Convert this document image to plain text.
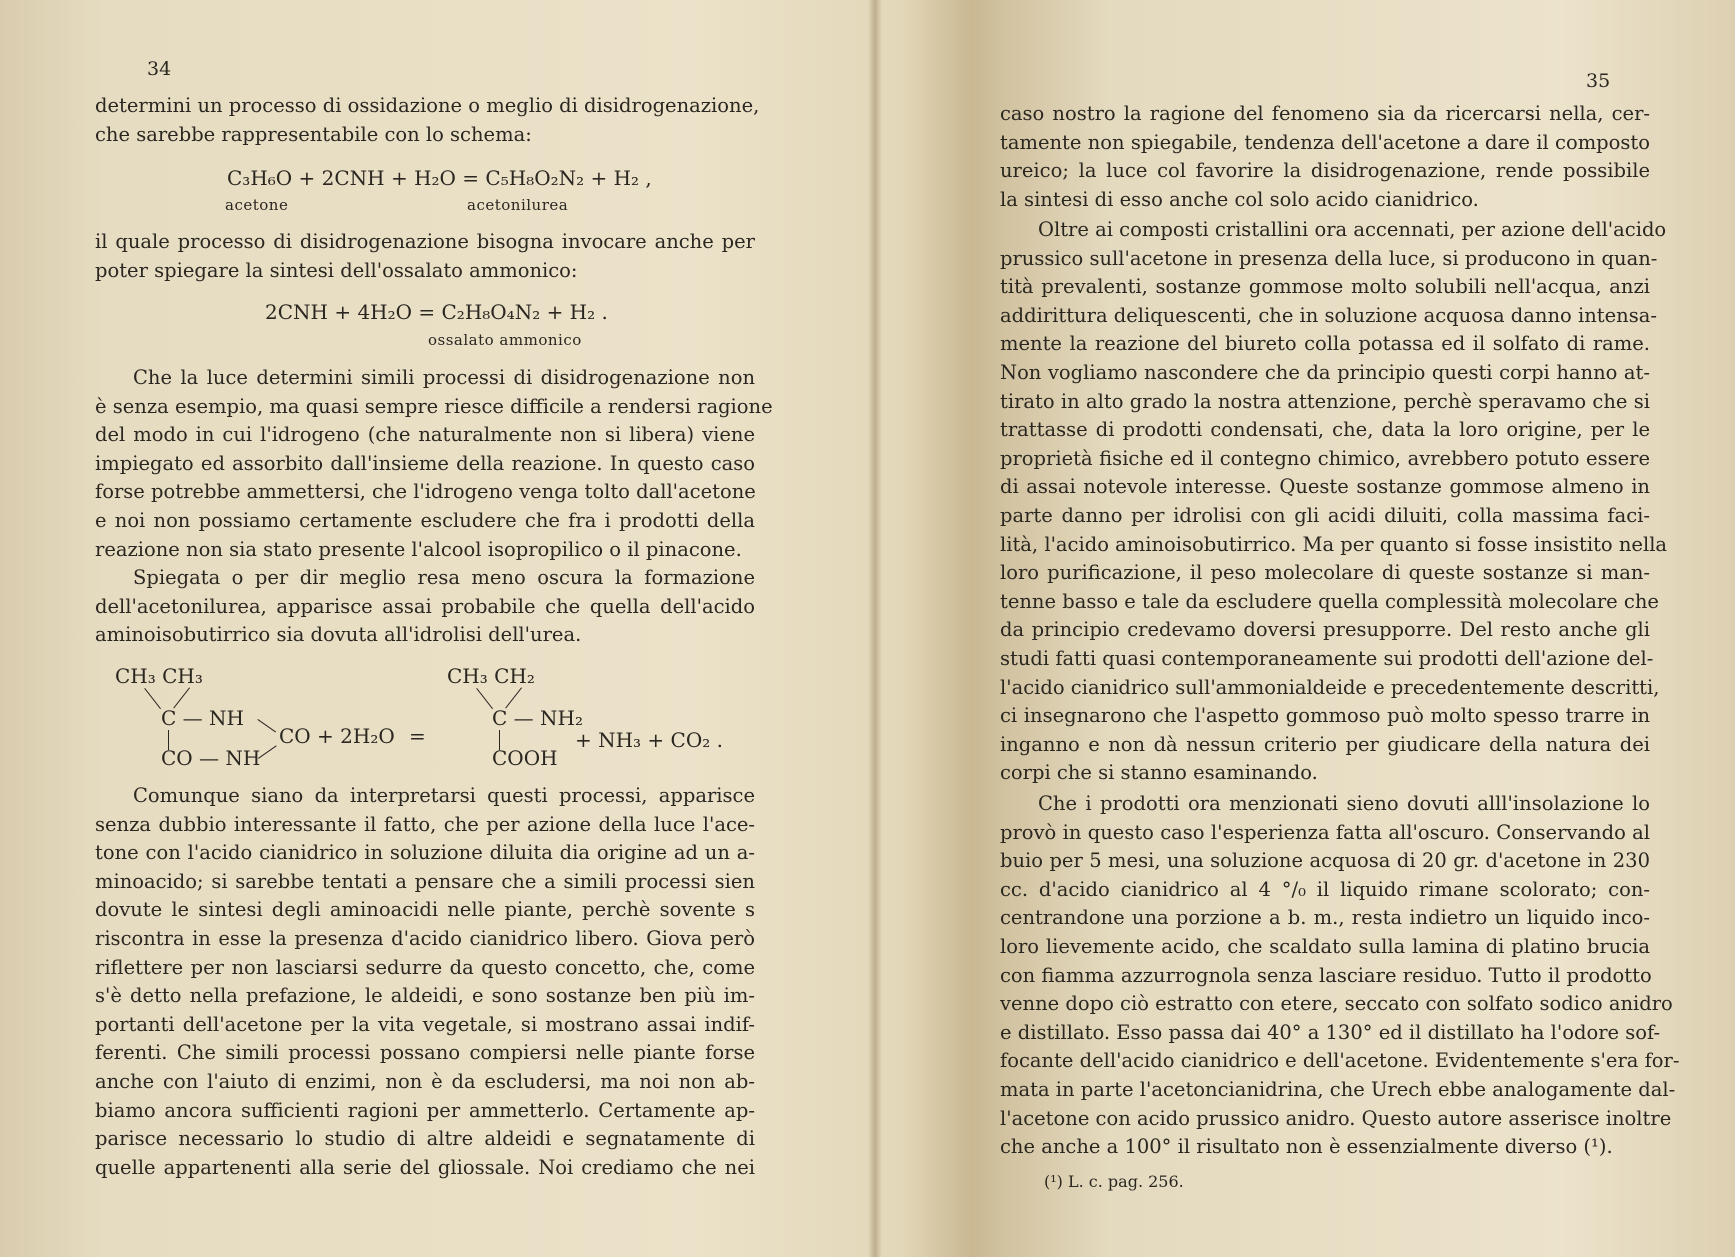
34
determini un processo di ossidazione o meglio di disidrogenazione,
che sarebbe rappresentabile con lo schema:
C₃H₆O + 2CNH + H₂O = C₅H₈O₂N₂ + H₂ ,
acetone	acetonilurea
il quale processo di disidrogenazione bisogna invocare anche per
poter spiegare la sintesi dell'ossalato ammonico:
2CNH + 4H₂O = C₂H₈O₄N₂ + H₂ .
ossalato ammonico
Che la luce determini simili processi di disidrogenazione non
è senza esempio, ma quasi sempre riesce difficile a rendersi ragione
del modo in cui l'idrogeno (che naturalmente non si libera) viene
impiegato ed assorbito dall'insieme della reazione. In questo caso
forse potrebbe ammettersi, che l'idrogeno venga tolto dall'acetone
e noi non possiamo certamente escludere che fra i prodotti della
reazione non sia stato presente l'alcool isopropilico o il pinacone.
Spiegata o per dir meglio resa meno oscura la formazione
dell'acetonilurea, apparisce assai probabile che quella dell'acido
aminoisobutirrico sia dovuta all'idrolisi dell'urea.
CH₃ CH₃
C — NH
CO — NH
CO + 2H₂O =
CH₃ CH₂
C — NH₂
COOH
+ NH₃ + CO₂ .
Comunque siano da interpretarsi questi processi, apparisce
senza dubbio interessante il fatto, che per azione della luce l'ace-
tone con l'acido cianidrico in soluzione diluita dia origine ad un a-
minoacido; si sarebbe tentati a pensare che a simili processi sien
dovute le sintesi degli aminoacidi nelle piante, perchè sovente s
riscontra in esse la presenza d'acido cianidrico libero. Giova però
riflettere per non lasciarsi sedurre da questo concetto, che, come
s'è detto nella prefazione, le aldeidi, e sono sostanze ben più im-
portanti dell'acetone per la vita vegetale, si mostrano assai indif-
ferenti. Che simili processi possano compiersi nelle piante forse
anche con l'aiuto di enzimi, non è da escludersi, ma noi non ab-
biamo ancora sufficienti ragioni per ammetterlo. Certamente ap-
parisce necessario lo studio di altre aldeidi e segnatamente di
quelle appartenenti alla serie del gliossale. Noi crediamo che nei
35
caso nostro la ragione del fenomeno sia da ricercarsi nella, cer-
tamente non spiegabile, tendenza dell'acetone a dare il composto
ureico; la luce col favorire la disidrogenazione, rende possibile
la sintesi di esso anche col solo acido cianidrico.
Oltre ai composti cristallini ora accennati, per azione dell'acido
prussico sull'acetone in presenza della luce, si producono in quan-
tità prevalenti, sostanze gommose molto solubili nell'acqua, anzi
addirittura deliquescenti, che in soluzione acquosa danno intensa-
mente la reazione del biureto colla potassa ed il solfato di rame.
Non vogliamo nascondere che da principio questi corpi hanno at-
tirato in alto grado la nostra attenzione, perchè speravamo che si
trattasse di prodotti condensati, che, data la loro origine, per le
proprietà fisiche ed il contegno chimico, avrebbero potuto essere
di assai notevole interesse. Queste sostanze gommose almeno in
parte danno per idrolisi con gli acidi diluiti, colla massima faci-
lità, l'acido aminoisobutirrico. Ma per quanto si fosse insistito nella
loro purificazione, il peso molecolare di queste sostanze si man-
tenne basso e tale da escludere quella complessità molecolare che
da principio credevamo doversi presupporre. Del resto anche gli
studi fatti quasi contemporaneamente sui prodotti dell'azione del-
l'acido cianidrico sull'ammonialdeide e precedentemente descritti,
ci insegnarono che l'aspetto gommoso può molto spesso trarre in
inganno e non dà nessun criterio per giudicare della natura dei
corpi che si stanno esaminando.
Che i prodotti ora menzionati sieno dovuti alll'insolazione lo
provò in questo caso l'esperienza fatta all'oscuro. Conservando al
buio per 5 mesi, una soluzione acquosa di 20 gr. d'acetone in 230
cc. d'acido cianidrico al 4 °/₀ il liquido rimane scolorato; con-
centrandone una porzione a b. m., resta indietro un liquido inco-
loro lievemente acido, che scaldato sulla lamina di platino brucia
con fiamma azzurrognola senza lasciare residuo. Tutto il prodotto
venne dopo ciò estratto con etere, seccato con solfato sodico anidro
e distillato. Esso passa dai 40° a 130° ed il distillato ha l'odore sof-
focante dell'acido cianidrico e dell'acetone. Evidentemente s'era for-
mata in parte l'acetoncianidrina, che Urech ebbe analogamente dal-
l'acetone con acido prussico anidro. Questo autore asserisce inoltre
che anche a 100° il risultato non è essenzialmente diverso (¹).
(¹) L. c. pag. 256.
